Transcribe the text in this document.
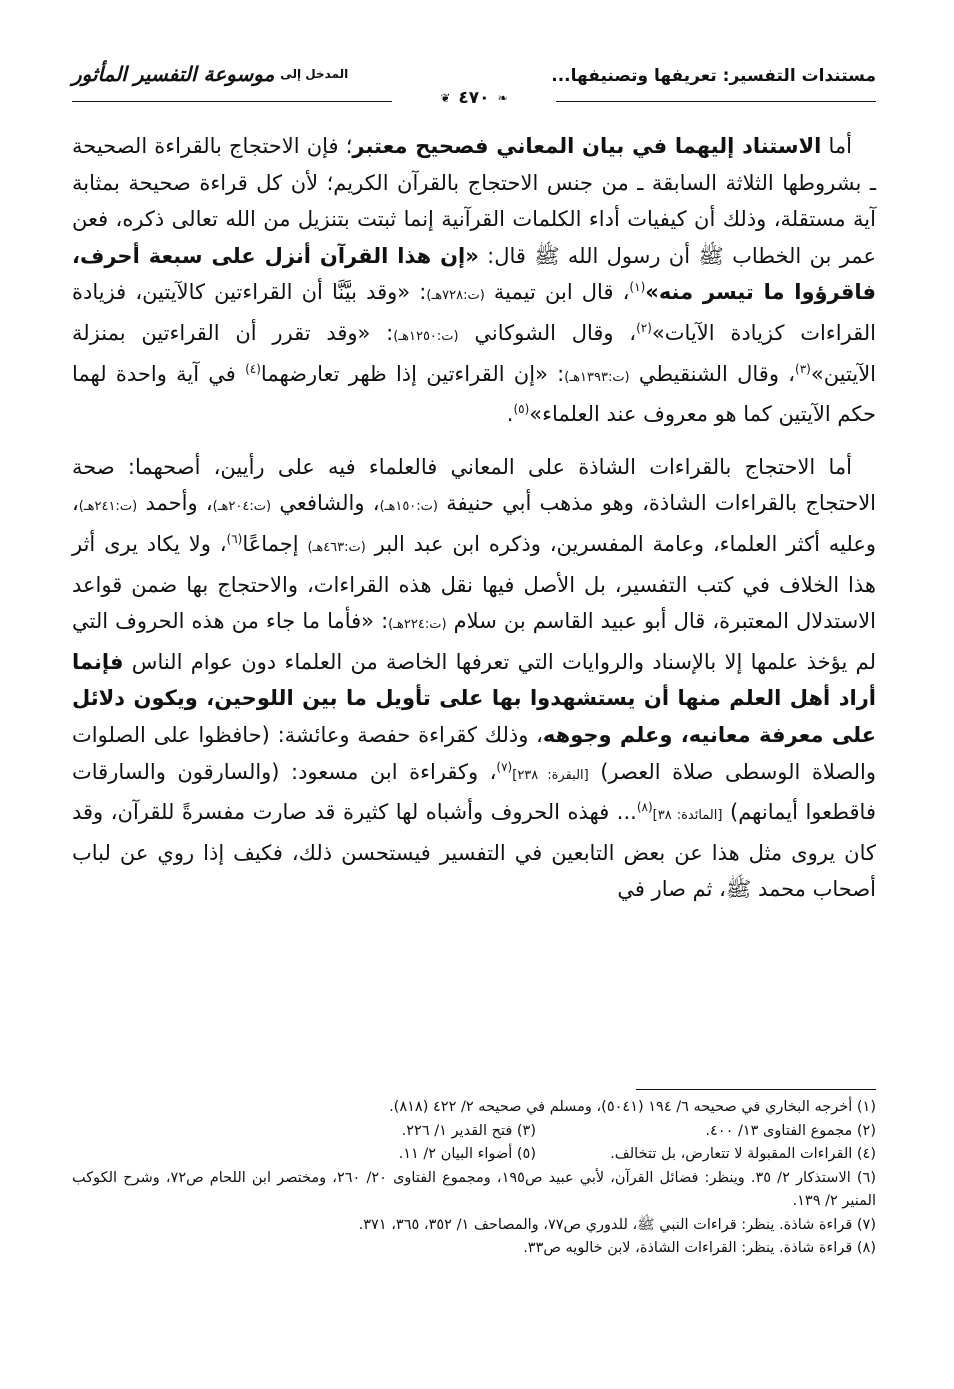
مستندات التفسير: تعريفها وتصنيفها...
❦ ٤٧٠ ❧
المدخل إلى
موسوعة التفسير المأثور

أما الاستناد إليهما في بيان المعاني فصحيح معتبر؛ فإن الاحتجاج بالقراءة الصحيحة ـ بشروطها الثلاثة السابقة ـ من جنس الاحتجاج بالقرآن الكريم؛ لأن كل قراءة صحيحة بمثابة آية مستقلة، وذلك أن كيفيات أداء الكلمات القرآنية إنما ثبتت بتنزيل من الله تعالى ذكره، فعن عمر بن الخطاب ﷺ أن رسول الله ﷺ قال: «إن هذا القرآن أنزل على سبعة أحرف، فاقرؤوا ما تيسر منه»$^{(١)}$، قال ابن تيمية (ت:٧٢٨هـ): «وقد بيَّنَّا أن القراءتين كالآيتين، فزيادة القراءات كزيادة الآيات»$^{(٢)}$، وقال الشوكاني (ت:١٢٥٠هـ): «وقد تقرر أن القراءتين بمنزلة الآيتين»$^{(٣)}$، وقال الشنقيطي (ت:١٣٩٣هـ): «إن القراءتين إذا ظهر تعارضهما$^{(٤)}$ في آية واحدة لهما حكم الآيتين كما هو معروف عند العلماء»$^{(٥)}$.

أما الاحتجاج بالقراءات الشاذة على المعاني فالعلماء فيه على رأيين، أصحهما: صحة الاحتجاج بالقراءات الشاذة، وهو مذهب أبي حنيفة (ت:١٥٠هـ)، والشافعي (ت:٢٠٤هـ)، وأحمد (ت:٢٤١هـ)، وعليه أكثر العلماء، وعامة المفسرين، وذكره ابن عبد البر (ت:٤٦٣هـ) إجماعًا$^{(٦)}$، ولا يكاد يرى أثر هذا الخلاف في كتب التفسير، بل الأصل فيها نقل هذه القراءات، والاحتجاج بها ضمن قواعد الاستدلال المعتبرة، قال أبو عبيد القاسم بن سلام (ت:٢٢٤هـ): «فأما ما جاء من هذه الحروف التي لم يؤخذ علمها إلا بالإسناد والروايات التي تعرفها الخاصة من العلماء دون عوام الناس فإنما أراد أهل العلم منها أن يستشهدوا بها على تأويل ما بين اللوحين، ويكون دلائل على معرفة معانيه، وعلم وجوهه، وذلك كقراءة حفصة وعائشة: (حافظوا على الصلوات والصلاة الوسطى صلاة العصر) [البقرة: ٢٣٨]$^{(٧)}$، وكقراءة ابن مسعود: (والسارقون والسارقات فاقطعوا أيمانهم) [المائدة: ٣٨]$^{(٨)}$... فهذه الحروف وأشباه لها كثيرة قد صارت مفسرةً للقرآن، وقد كان يروى مثل هذا عن بعض التابعين في التفسير فيستحسن ذلك، فكيف إذا روي عن لباب أصحاب محمد ﷺ، ثم صار في

(١) أخرجه البخاري في صحيحه ٦/ ١٩٤ (٥٠٤١)، ومسلم في صحيحه ٢/ ٤٢٢ (٨١٨).

(٢) مجموع الفتاوى ١٣/ ٤٠٠.
(٣) فتح القدير ١/ ٢٢٦.
(٤) القراءات المقبولة لا تتعارض، بل تتخالف.
(٥) أضواء البيان ٢/ ١١.

(٦) الاستذكار ٢/ ٣٥. وينظر: فضائل القرآن، لأبي عبيد ص١٩٥، ومجموع الفتاوى ٢٠/ ٢٦٠، ومختصر ابن اللحام ص٧٢، وشرح الكوكب المنير ٢/ ١٣٩.

(٧) قراءة شاذة. ينظر: قراءات النبي ﷺ، للدوري ص٧٧، والمصاحف ١/ ٣٥٢، ٣٦٥، ٣٧١.

(٨) قراءة شاذة. ينظر: القراءات الشاذة، لابن خالويه ص٣٣.
